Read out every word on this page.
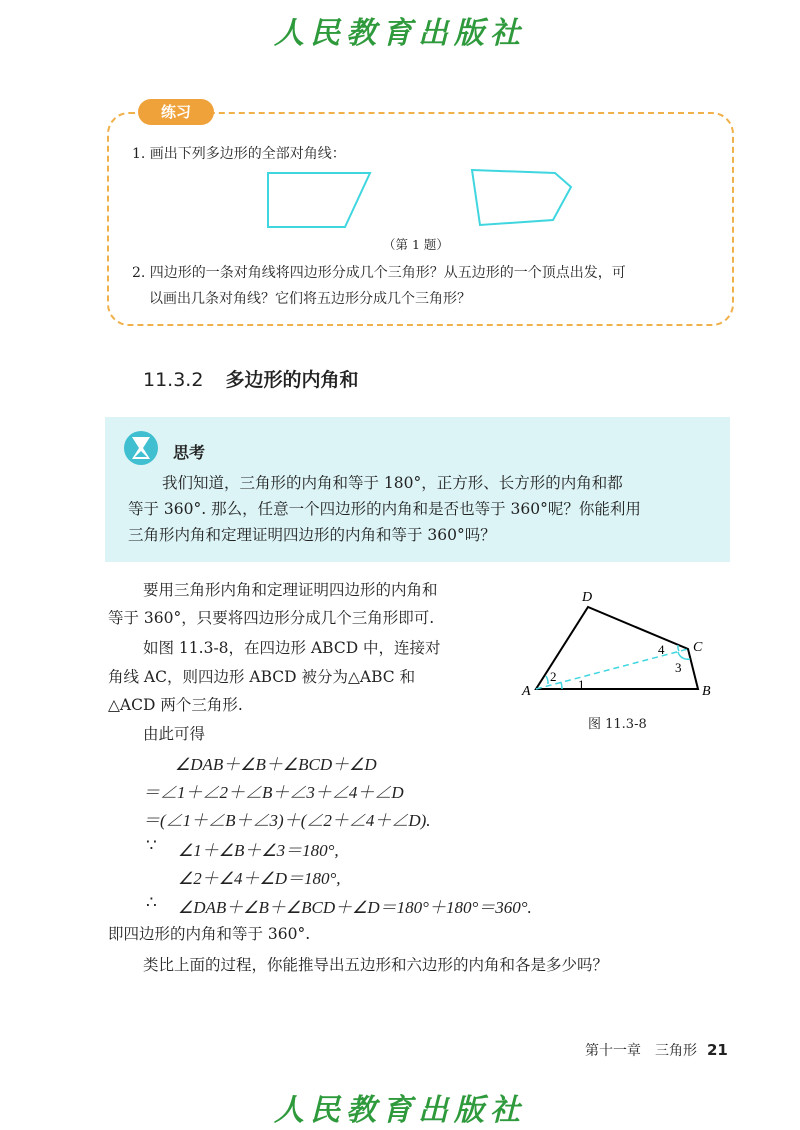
人民教育出版社
练习
1. 画出下列多边形的全部对角线：
（第 1 题）
2. 四边形的一条对角线将四边形分成几个三角形？从五边形的一个顶点出发，可
以画出几条对角线？它们将五边形分成几个三角形？
11.3.2 多边形的内角和
思考
我们知道，三角形的内角和等于 180°，正方形、长方形的内角和都
等于 360°. 那么，任意一个四边形的内角和是否也等于 360°呢？你能利用
三角形内角和定理证明四边形的内角和等于 360°吗？
要用三角形内角和定理证明四边形的内角和
等于 360°，只要将四边形分成几个三角形即可.
如图 11.3-8，在四边形 ABCD 中，连接对
角线 AC，则四边形 ABCD 被分为△ABC 和
△ACD 两个三角形.
由此可得
∠DAB＋∠B＋∠BCD＋∠D
＝∠1＋∠2＋∠B＋∠3＋∠4＋∠D
＝(∠1＋∠B＋∠3)＋(∠2＋∠4＋∠D).
∵ ∠1＋∠B＋∠3＝180°,
∠2＋∠4＋∠D＝180°,
∴ ∠DAB＋∠B＋∠BCD＋∠D＝180°＋180°＝360°.
即四边形的内角和等于 360°.
类比上面的过程，你能推导出五边形和六边形的内角和各是多少吗？
A	B
C
D
1
2
3
4
图 11.3-8
第十一章　三角形 21
人民教育出版社
